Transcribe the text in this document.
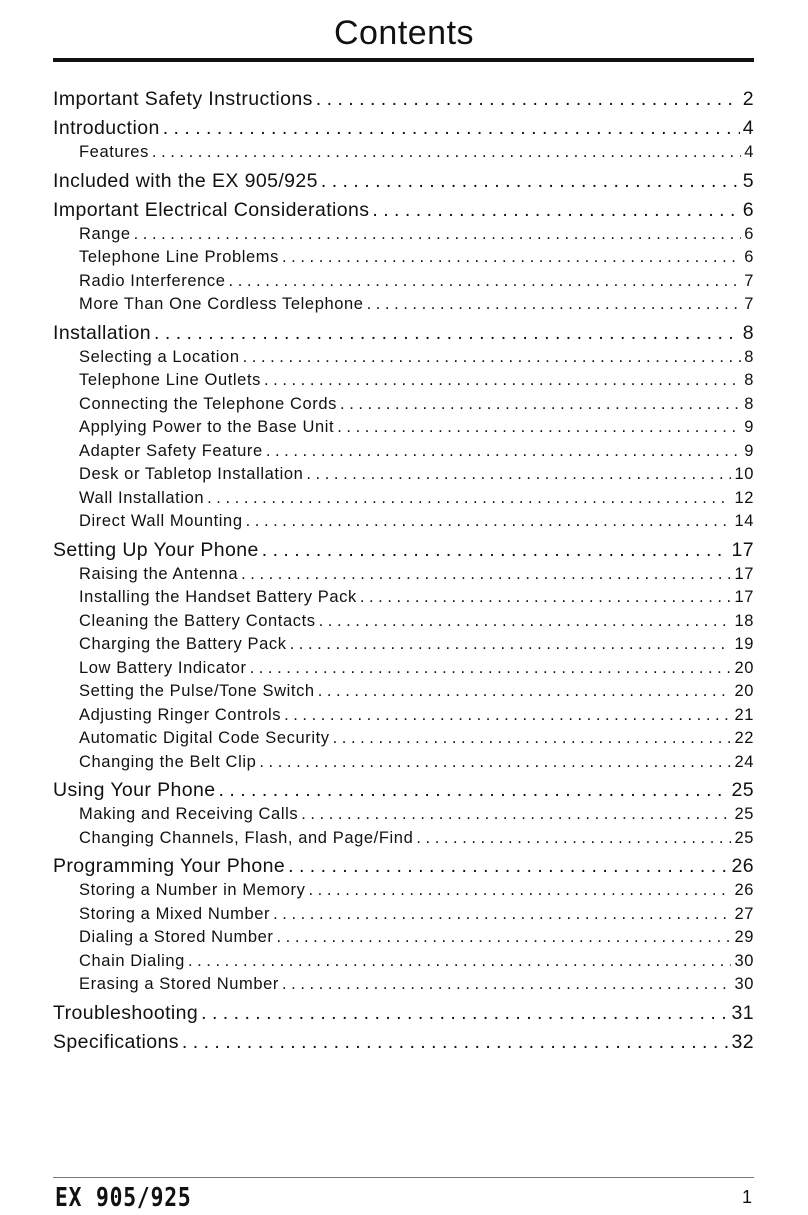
Contents
Important Safety Instructions . . .	2
Introduction . . .	4
Features . . .	4
Included with the EX 905/925 . . .	5
Important Electrical Considerations . . .	6
Range . . .	6
Telephone Line Problems . . .	6
Radio Interference . . .	7
More Than One Cordless Telephone . . .	7
Installation . . .	8
Selecting a Location . . .	8
Telephone Line Outlets . . .	8
Connecting the Telephone Cords . . .	8
Applying Power to the Base Unit . . .	9
Adapter Safety Feature . . .	9
Desk or Tabletop Installation . . .	10
Wall Installation . . .	12
Direct Wall Mounting . . .	14
Setting Up Your Phone . . .	17
Raising the Antenna . . .	17
Installing the Handset Battery Pack . . .	17
Cleaning the Battery Contacts . . .	18
Charging the Battery Pack . . .	19
Low Battery Indicator . . .	20
Setting the Pulse/Tone Switch . . .	20
Adjusting Ringer Controls . . .	21
Automatic Digital Code Security . . .	22
Changing the Belt Clip . . .	24
Using Your Phone . . .	25
Making and Receiving Calls . . .	25
Changing Channels, Flash, and Page/Find . . .	25
Programming Your Phone . . .	26
Storing a Number in Memory . . .	26
Storing a Mixed Number . . .	27
Dialing a Stored Number . . .	29
Chain Dialing . . .	30
Erasing a Stored Number . . .	30
Troubleshooting . . .	31
Specifications . . .	32
EX 905/925	1
